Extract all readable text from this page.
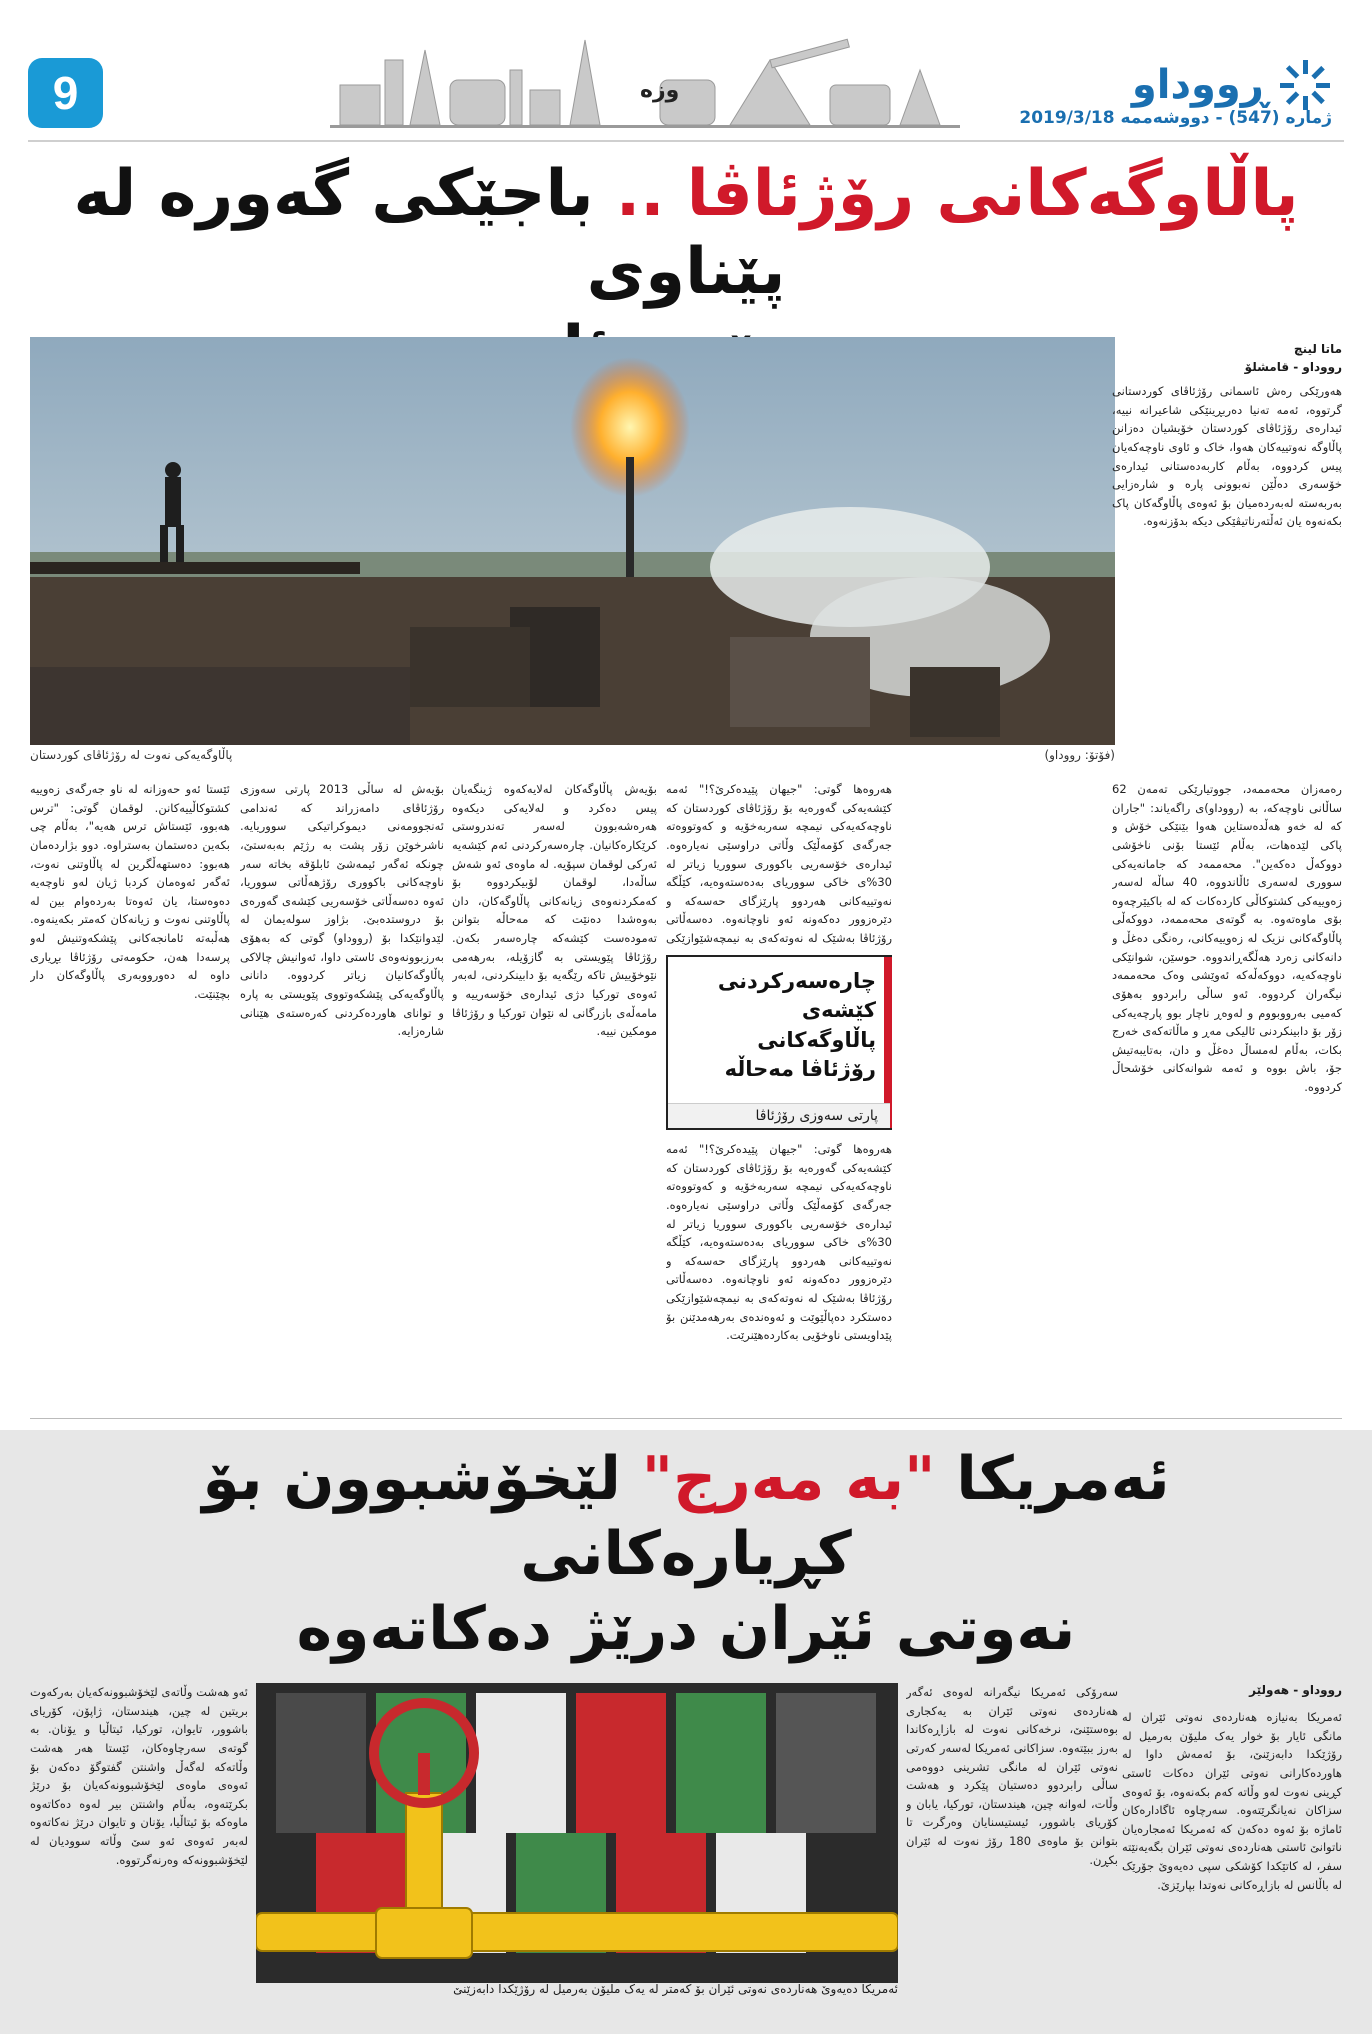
9	وزە	ڕووداو
ژمارە (547) - دووشەممە 2019/3/18
پاڵاوگەکانی رۆژئاڤا .. باجێکی گەورە لە پێناوی
(فۆتۆ: رووداو)
پاڵاوگەیەکی نەوت لە رۆژئاڤای کوردستان
ماتا لینچ
رووداو - قامشلۆ
هەورێکی رەش ئاسمانی رۆژئاڤای کوردستانی گرتووە، ئەمە تەنیا دەربڕینێکی شاعیرانە نییە، ئیدارەی رۆژئاڤای کوردستان خۆیشیان دەزانن پاڵاوگە نەوتییەکان هەوا، خاک و ئاوی ناوچەکەیان پیس کردووە، بەڵام کاربەدەستانی ئیدارەی خۆسەری دەڵێن نەبوونی پارە و شارەزایی بەربەستە لەبەردەمیان بۆ ئەوەی پاڵاوگەکان پاک بکەنەوە یان ئەڵتەرناتیڤێکی دیکە بدۆزنەوە.
رەمەزان محەممەد، جووتیارێکی تەمەن 62 ساڵانی ناوچەکە، بە (رووداو)ی راگەیاند: "جاران کە لە خەو هەڵدەستاین هەوا بێنێکی خۆش و پاکی لێدەهات، بەڵام ئێستا بۆنی ناخۆشی دووکەڵ دەکەین". محەممەد کە جامانەیەکی سووری لەسەری ئاڵاندووە، 40 ساڵە لەسەر زەوییەکی کشتوکاڵی کاردەکات کە لە باکیێرچەوە بۆی ماوەتەوە. بە گوتەی محەممەد، دووکەڵی پاڵاوگەکانی نزیک لە زەوییەکانی، رەنگی دەغڵ و دانەکانی زەرد هەڵگەڕاندووە. حوسێن، شوانێکی ناوچەکەیە، دووکەڵەکە ئەوێشی وەک محەممەد نیگەران کردووە. ئەو ساڵی رابردوو بەهۆی کەمیی بەرووبووم و لەوەڕ ناچار بوو پارچەیەکی زۆر بۆ دابینکردنی ئالیکی مەڕ و ماڵاتەکەی خەرج بکات، بەڵام لەمساڵ دەغڵ و دان، بەتایبەتیش جۆ، باش بووە و ئەمە شوانەکانی خۆشحاڵ کردووە.
هەروەها گوتی: "جیهان پێیدەکرێ؟!" ئەمە کێشەیەکی گەورەیە بۆ رۆژئاڤای کوردستان کە ناوچەکەیەکی نیمچە سەربەخۆیە و کەوتووەتە جەرگەی کۆمەڵێک وڵاتی دراوسێی نەیارەوە. ئیدارەی خۆسەریی باکووری سووریا زیاتر لە 30%ی خاکی سووریای بەدەستەوەیە، کێڵگە نەوتییەکانی هەردوو پارێزگای حەسەکە و دێرەزوور دەکەونە ئەو ناوچانەوە. دەسەڵاتی رۆژئاڤا بەشێک لە نەوتەکەی بە نیمچەشێوازێکی
چارەسەرکردنی کێشەی پاڵاوگەکانی رۆژئاڤا مەحاڵە
پارتی سەوزی رۆژئاڤا
هەروەها گوتی: "جیهان پێیدەکرێ؟!" ئەمە کێشەیەکی گەورەیە بۆ رۆژئاڤای کوردستان کە ناوچەکەیەکی نیمچە سەربەخۆیە و کەوتووەتە جەرگەی کۆمەڵێک وڵاتی دراوسێی نەیارەوە. ئیدارەی خۆسەریی باکووری سووریا زیاتر لە 30%ی خاکی سووریای بەدەستەوەیە، کێڵگە نەوتییەکانی هەردوو پارێزگای حەسەکە و دێرەزوور دەکەونە ئەو ناوچانەوە. دەسەڵاتی رۆژئاڤا بەشێک لە نەوتەکەی بە نیمچەشێوازێکی دەستکرد دەپاڵێوێت و ئەوەندەی بەرهەمدێنن بۆ پێداویستی ناوخۆیی بەکاردەهێنرێت.
بۆیەش پاڵاوگەکان لەلایەکەوە ژینگەیان پیس دەکرد و لەلایەکی دیکەوە هەرەشەبوون لەسەر تەندروستی کرێکارەکانیان. چارەسەرکردنی ئەم کێشەیە ئەرکی لوقمان سپۆیە. لە ماوەی ئەو شەش ساڵەدا، لوقمان لۆبیکردووە بۆ کەمکردنەوەی زیانەکانی پاڵاوگەکان، دان بەوەشدا دەنێت کە مەحاڵە بتوانن تەمودەست کێشەکە چارەسەر بکەن. رۆژئاڤا پێویستی بە گازۆیلە، بەرهەمی نێوخۆییش تاکە رێگەیە بۆ دابینکردنی، لەبەر ئەوەی تورکیا دژی ئیدارەی خۆسەرییە و مامەڵەی بازرگانی لە نێوان تورکیا و رۆژئاڤا مومکین نییە.
بۆیەش لە ساڵی 2013 پارتی سەوزی رۆژئاڤای دامەزراند کە ئەندامی ئەنجوومەنی دیموکراتیکی سووریایە. ناشرخوێن زۆر پشت بە رژێم بەبەستێ، چونکە ئەگەر ئیمەشێ ئابلۆقە بخاتە سەر ناوچەکانی باکووری رۆژهەڵاتی سووریا، ئەوە دەسەڵاتی خۆسەریی کێشەی گەورەی بۆ دروستدەبێ. بژاوز سولەیمان لە لێدوانێکدا بۆ (رووداو) گوتی کە بەهۆی بەرزبوونەوەی ئاستی داوا، ئەوانیش چالاکی پاڵاوگەکانیان زیاتر کردووە. دانانی پاڵاوگەیەکی پێشکەوتووی پێویستی بە پارە و توانای هاوردەکردنی کەرەستەی هێنانی شارەزایە.
ئێستا ئەو حەوزانە لە ناو جەرگەی زەوییە کشتوکاڵییەکانن. لوقمان گوتی: "ترس هەبوو، ئێستاش ترس هەیە"، بەڵام چی بکەین دەستمان بەستراوە. دوو بژاردەمان هەبوو: دەستهەڵگرین لە پاڵاوتنی نەوت، ئەگەر ئەوەمان کردبا ژیان لەو ناوچەیە دەوەستا، یان ئەوەتا بەردەوام بین لە پاڵاوتنی نەوت و زیانەکان کەمتر بکەینەوە. هەڵبەتە ئامانجەکانی پێشکەوتنیش لەو پرسەدا هەن، حکومەتی رۆژئاڤا بڕیاری داوە لە دەورووبەری پاڵاوگەکان دار بچێنێت.
ئەمریکا "بە مەرج" لێخۆشبوون بۆ کڕیارەکانی
نەوتی ئێران درێژ دەکاتەوە
رووداو - هەولێر
ئەمریکا بەنیازە هەناردەی نەوتی ئێران لە مانگی ئایار بۆ خوار یەک ملیۆن بەرمیل لە رۆژێکدا دابەزێنێ، بۆ ئەمەش داوا لە هاوردەکارانی نەوتی ئێران دەکات ئاستی کڕینی نەوت لەو وڵاتە کەم بکەنەوە، بۆ ئەوەی سزاکان نەیانگرێتەوە. سەرچاوە ئاگادارەکان ئاماژە بۆ ئەوە دەکەن کە ئەمریکا ئەمجارەیان ناتوانێ ئاستی هەناردەی نەوتی ئێران بگەیەنێتە سفر، لە کاتێکدا کۆشکی سپی دەیەوێ جۆرێک لە باڵانس لە بازاڕەکانی نەوتدا بپارێزێ.
سەرۆکی ئەمریکا نیگەرانە لەوەی ئەگەر هەناردەی نەوتی ئێران بە یەکجاری بوەستێنێ، نرخەکانی نەوت لە بازاڕەکاندا بەرز ببێتەوە. سزاکانی ئەمریکا لەسەر کەرتی نەوتی ئێران لە مانگی تشرینی دووەمی ساڵی رابردوو دەستیان پێکرد و هەشت وڵات، لەوانە چین، هیندستان، تورکیا، یابان و کۆریای باشوور، ئیستیسنایان وەرگرت تا بتوانن بۆ ماوەی 180 رۆژ نەوت لە ئێران بکڕن.
ئەو هەشت وڵاتەی لێخۆشبوونەکەیان بەرکەوت بریتین لە چین، هیندستان، ژاپۆن، کۆریای باشوور، تایوان، تورکیا، ئیتاڵیا و یۆنان. بە گوتەی سەرچاوەکان، ئێستا هەر هەشت وڵاتەکە لەگەڵ واشنتن گفتوگۆ دەکەن بۆ ئەوەی ماوەی لێخۆشبوونەکەیان بۆ درێژ بکرێتەوە، بەڵام واشنتن بیر لەوە دەکاتەوە ماوەکە بۆ ئیتاڵیا، یۆنان و تایوان درێژ نەکاتەوە لەبەر ئەوەی ئەو سێ وڵاتە سوودیان لە لێخۆشبوونەکە وەرنەگرتووە.
ئەمریکا دەیەوێ هەناردەی نەوتی ئێران بۆ کەمتر لە یەک ملیۆن بەرمیل لە رۆژێکدا دابەزێنێ
